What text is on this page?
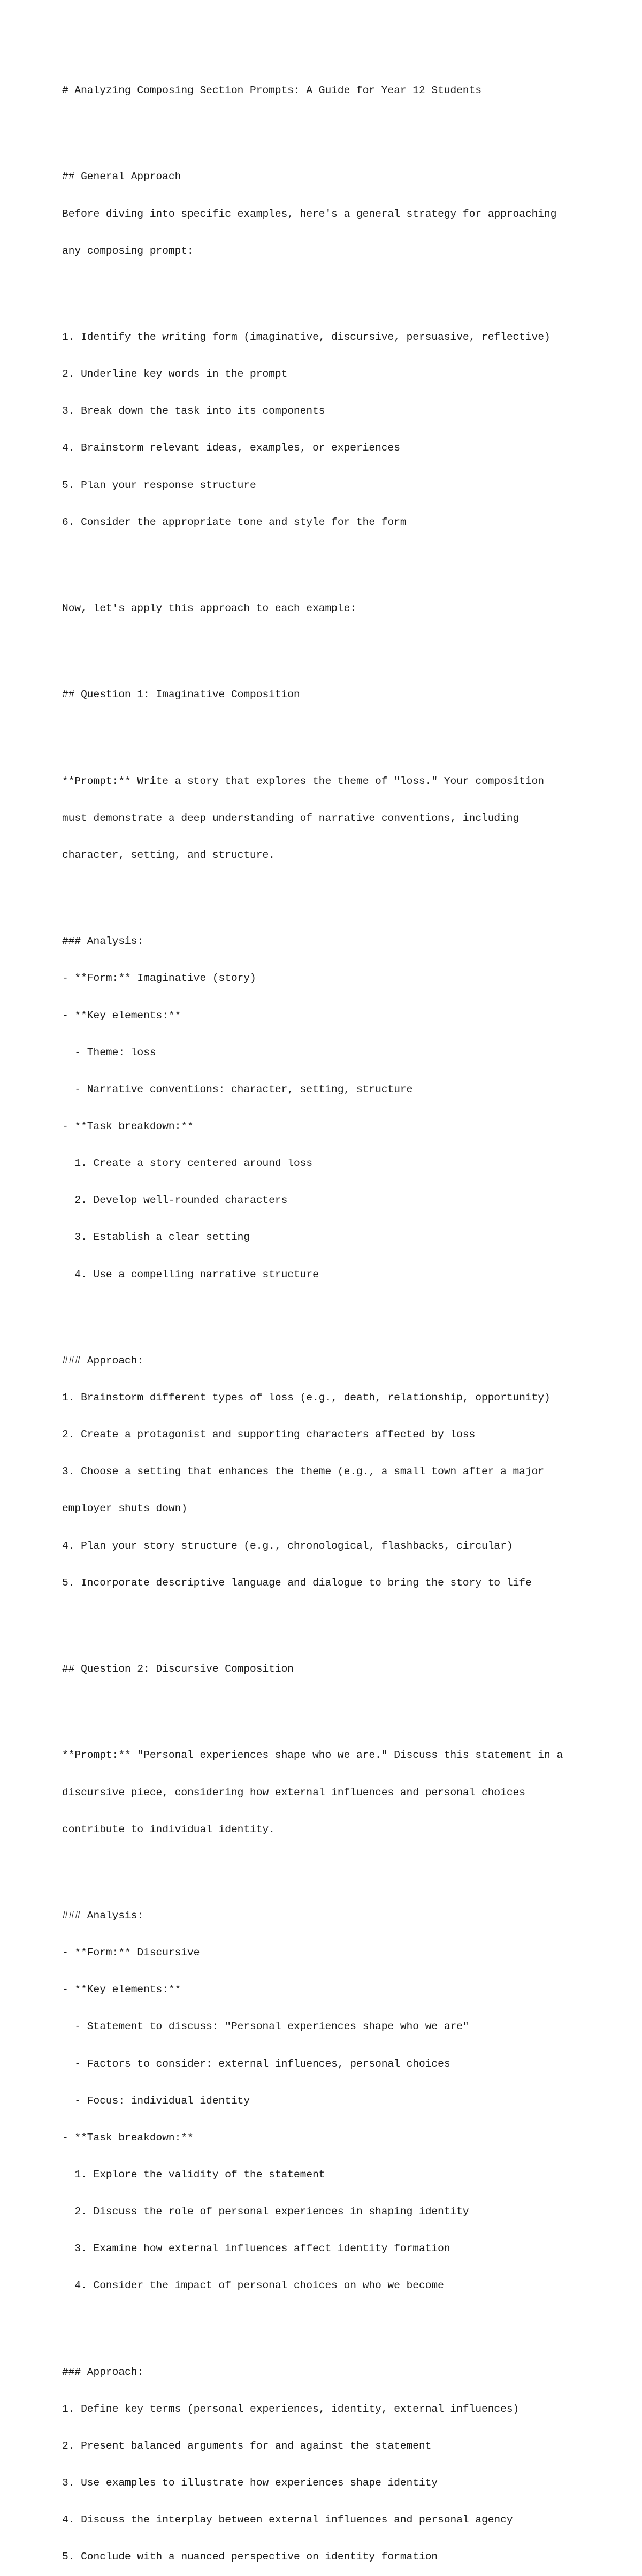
# Analyzing Composing Section Prompts: A Guide for Year 12 Students

## General Approach

Before diving into specific examples, here's a general strategy for approaching

any composing prompt:

1. Identify the writing form (imaginative, discursive, persuasive, reflective)

2. Underline key words in the prompt

3. Break down the task into its components

4. Brainstorm relevant ideas, examples, or experiences

5. Plan your response structure

6. Consider the appropriate tone and style for the form

Now, let's apply this approach to each example:

## Question 1: Imaginative Composition

**Prompt:** Write a story that explores the theme of "loss." Your composition

must demonstrate a deep understanding of narrative conventions, including

character, setting, and structure.

### Analysis:

- **Form:** Imaginative (story)

- **Key elements:**

- Theme: loss

- Narrative conventions: character, setting, structure

- **Task breakdown:**

1. Create a story centered around loss

2. Develop well-rounded characters

3. Establish a clear setting

4. Use a compelling narrative structure

### Approach:

1. Brainstorm different types of loss (e.g., death, relationship, opportunity)

2. Create a protagonist and supporting characters affected by loss

3. Choose a setting that enhances the theme (e.g., a small town after a major

employer shuts down)

4. Plan your story structure (e.g., chronological, flashbacks, circular)

5. Incorporate descriptive language and dialogue to bring the story to life

## Question 2: Discursive Composition

**Prompt:** "Personal experiences shape who we are." Discuss this statement in a

discursive piece, considering how external influences and personal choices

contribute to individual identity.

### Analysis:

- **Form:** Discursive

- **Key elements:**

- Statement to discuss: "Personal experiences shape who we are"

- Factors to consider: external influences, personal choices

- Focus: individual identity

- **Task breakdown:**

1. Explore the validity of the statement

2. Discuss the role of personal experiences in shaping identity

3. Examine how external influences affect identity formation

4. Consider the impact of personal choices on who we become

### Approach:

1. Define key terms (personal experiences, identity, external influences)

2. Present balanced arguments for and against the statement

3. Use examples to illustrate how experiences shape identity

4. Discuss the interplay between external influences and personal agency

5. Conclude with a nuanced perspective on identity formation
